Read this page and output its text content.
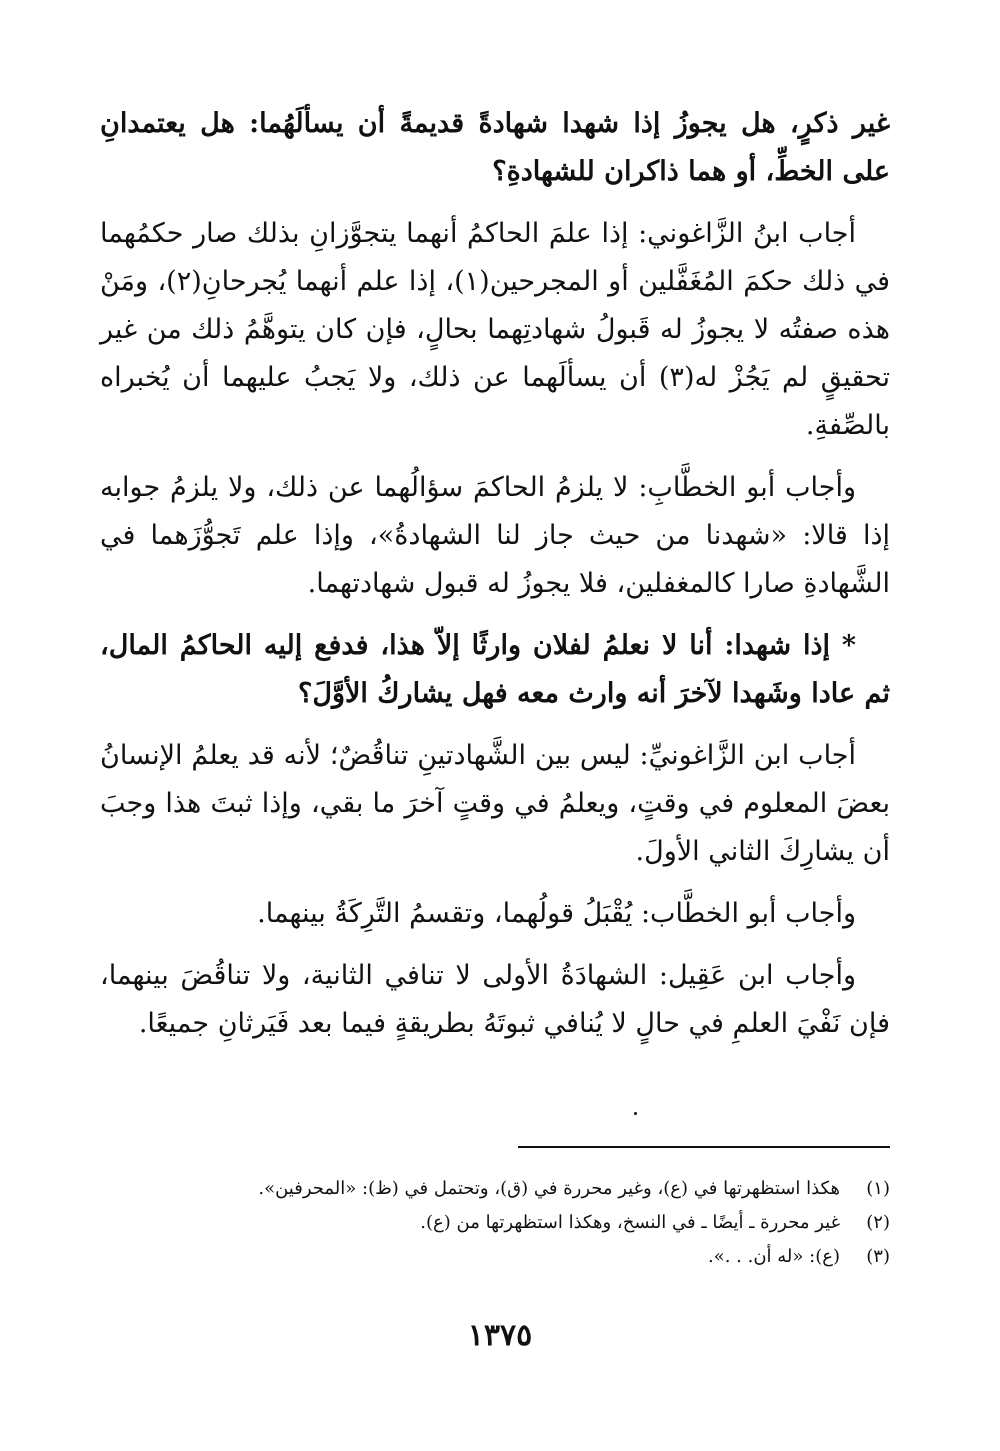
غير ذكرٍ، هل يجوزُ إذا شهدا شهادةً قديمةً أن يسألَهُما: هل يعتمدانِ على الخطِّ، أو هما ذاكران للشهادةِ؟

أجاب ابنُ الزَّاغوني: إذا علمَ الحاكمُ أنهما يتجوَّزانِ بذلك صار حكمُهما في ذلك حكمَ المُغَفَّلين أو المجرحين(١)، إذا علم أنهما يُجرحانِ(٢)، ومَنْ هذه صفتُه لا يجوزُ له قَبولُ شهادتِهما بحالٍ، فإن كان يتوهَّمُ ذلك من غير تحقيقٍ لم يَجُزْ له(٣) أن يسألَهما عن ذلك، ولا يَجبُ عليهما أن يُخبراه بالصِّفةِ.

وأجاب أبو الخطَّابِ: لا يلزمُ الحاكمَ سؤالُهما عن ذلك، ولا يلزمُ جوابه إذا قالا: «شهدنا من حيث جاز لنا الشهادةُ»، وإذا علم تَجوُّزَهما في الشَّهادةِ صارا كالمغفلين، فلا يجوزُ له قبول شهادتهما.

* إذا شهدا: أنا لا نعلمُ لفلان وارثًا إلاّ هذا، فدفع إليه الحاكمُ المال، ثم عادا وشَهدا لآخرَ أنه وارث معه فهل يشاركُ الأوَّلَ؟

أجاب ابن الزَّاغونيِّ: ليس بين الشَّهادتينِ تناقُضٌ؛ لأنه قد يعلمُ الإنسانُ بعضَ المعلوم في وقتٍ، ويعلمُ في وقتٍ آخرَ ما بقي، وإذا ثبتَ هذا وجبَ أن يشارِكَ الثاني الأولَ.

وأجاب أبو الخطَّاب: يُقْبَلُ قولُهما، وتقسمُ التَّرِكَةُ بينهما.

وأجاب ابن عَقِيل: الشهادَةُ الأولى لا تنافي الثانية، ولا تناقُضَ بينهما، فإن نَفْيَ العلمِ في حالٍ لا يُنافي ثبوتَهُ بطريقةٍ فيما بعد فَيَرثانِ جميعًا.

(١)
هكذا استظهرتها في (ع)، وغير محررة في (ق)، وتحتمل في (ظ): «المحرفين».
(٢)
غير محررة ـ أيضًا ـ في النسخ، وهكذا استظهرتها من (ع).
(٣)
(ع): «له أن. . .».
١٣٧٥
